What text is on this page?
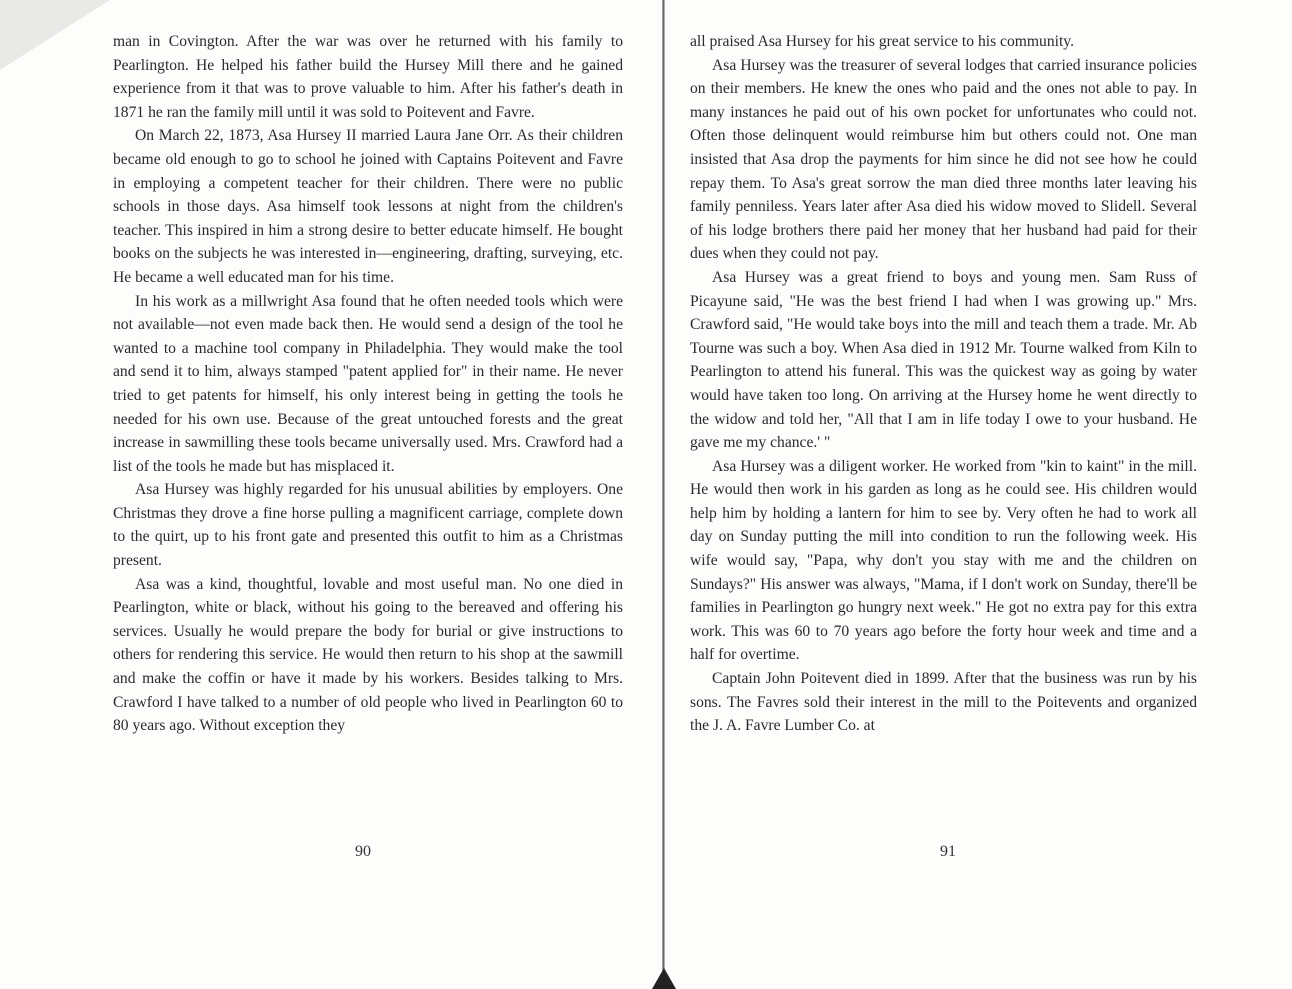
man in Covington. After the war was over he returned with his family to Pearlington. He helped his father build the Hursey Mill there and he gained experience from it that was to prove valuable to him. After his father's death in 1871 he ran the family mill until it was sold to Poitevent and Favre.

On March 22, 1873, Asa Hursey II married Laura Jane Orr. As their children became old enough to go to school he joined with Captains Poitevent and Favre in employing a competent teacher for their children. There were no public schools in those days. Asa himself took lessons at night from the children's teacher. This inspired in him a strong desire to better educate himself. He bought books on the subjects he was interested in—engineering, drafting, surveying, etc. He became a well educated man for his time.

In his work as a millwright Asa found that he often needed tools which were not available—not even made back then. He would send a design of the tool he wanted to a machine tool company in Philadelphia. They would make the tool and send it to him, always stamped "patent applied for" in their name. He never tried to get patents for himself, his only interest being in getting the tools he needed for his own use. Because of the great untouched forests and the great increase in sawmilling these tools became universally used. Mrs. Crawford had a list of the tools he made but has misplaced it.

Asa Hursey was highly regarded for his unusual abilities by employers. One Christmas they drove a fine horse pulling a magnificent carriage, complete down to the quirt, up to his front gate and presented this outfit to him as a Christmas present.

Asa was a kind, thoughtful, lovable and most useful man. No one died in Pearlington, white or black, without his going to the bereaved and offering his services. Usually he would prepare the body for burial or give instructions to others for rendering this service. He would then return to his shop at the sawmill and make the coffin or have it made by his workers. Besides talking to Mrs. Crawford I have talked to a number of old people who lived in Pearlington 60 to 80 years ago. Without exception they

90

all praised Asa Hursey for his great service to his community.

Asa Hursey was the treasurer of several lodges that carried insurance policies on their members. He knew the ones who paid and the ones not able to pay. In many instances he paid out of his own pocket for unfortunates who could not. Often those delinquent would reimburse him but others could not. One man insisted that Asa drop the payments for him since he did not see how he could repay them. To Asa's great sorrow the man died three months later leaving his family penniless. Years later after Asa died his widow moved to Slidell. Several of his lodge brothers there paid her money that her husband had paid for their dues when they could not pay.

Asa Hursey was a great friend to boys and young men. Sam Russ of Picayune said, "He was the best friend I had when I was growing up." Mrs. Crawford said, "He would take boys into the mill and teach them a trade. Mr. Ab Tourne was such a boy. When Asa died in 1912 Mr. Tourne walked from Kiln to Pearlington to attend his funeral. This was the quickest way as going by water would have taken too long. On arriving at the Hursey home he went directly to the widow and told her, "All that I am in life today I owe to your husband. He gave me my chance.' "

Asa Hursey was a diligent worker. He worked from "kin to kaint" in the mill. He would then work in his garden as long as he could see. His children would help him by holding a lantern for him to see by. Very often he had to work all day on Sunday putting the mill into condition to run the following week. His wife would say, "Papa, why don't you stay with me and the children on Sundays?" His answer was always, "Mama, if I don't work on Sunday, there'll be families in Pearlington go hungry next week." He got no extra pay for this extra work. This was 60 to 70 years ago before the forty hour week and time and a half for overtime.

Captain John Poitevent died in 1899. After that the business was run by his sons. The Favres sold their interest in the mill to the Poitevents and organized the J. A. Favre Lumber Co. at

91
